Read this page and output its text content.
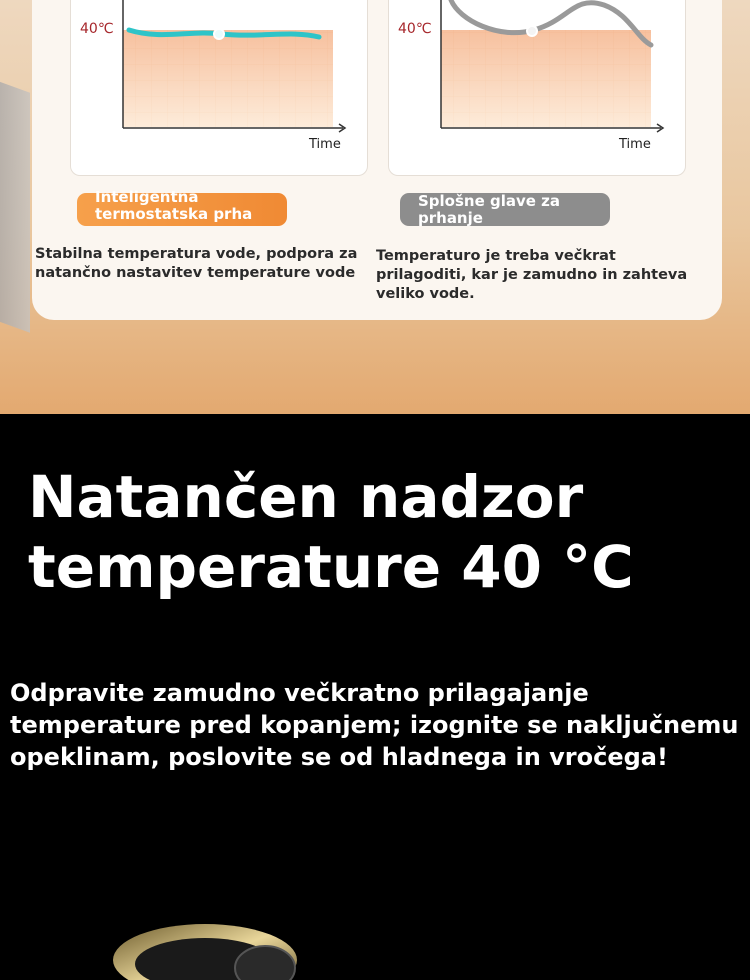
40℃
Time
40℃
Time
Inteligentna termostatska prha
Splošne glave za prhanje
Stabilna temperatura vode, podpora za natančno nastavitev temperature vode
Temperaturo je treba večkrat prilagoditi, kar je zamudno in zahteva veliko vode.
Natančen nadzor temperature 40 °C
Odpravite zamudno večkratno prilagajanje temperature pred kopanjem; izognite se naključnemu opeklinam, poslovite se od hladnega in vročega!
